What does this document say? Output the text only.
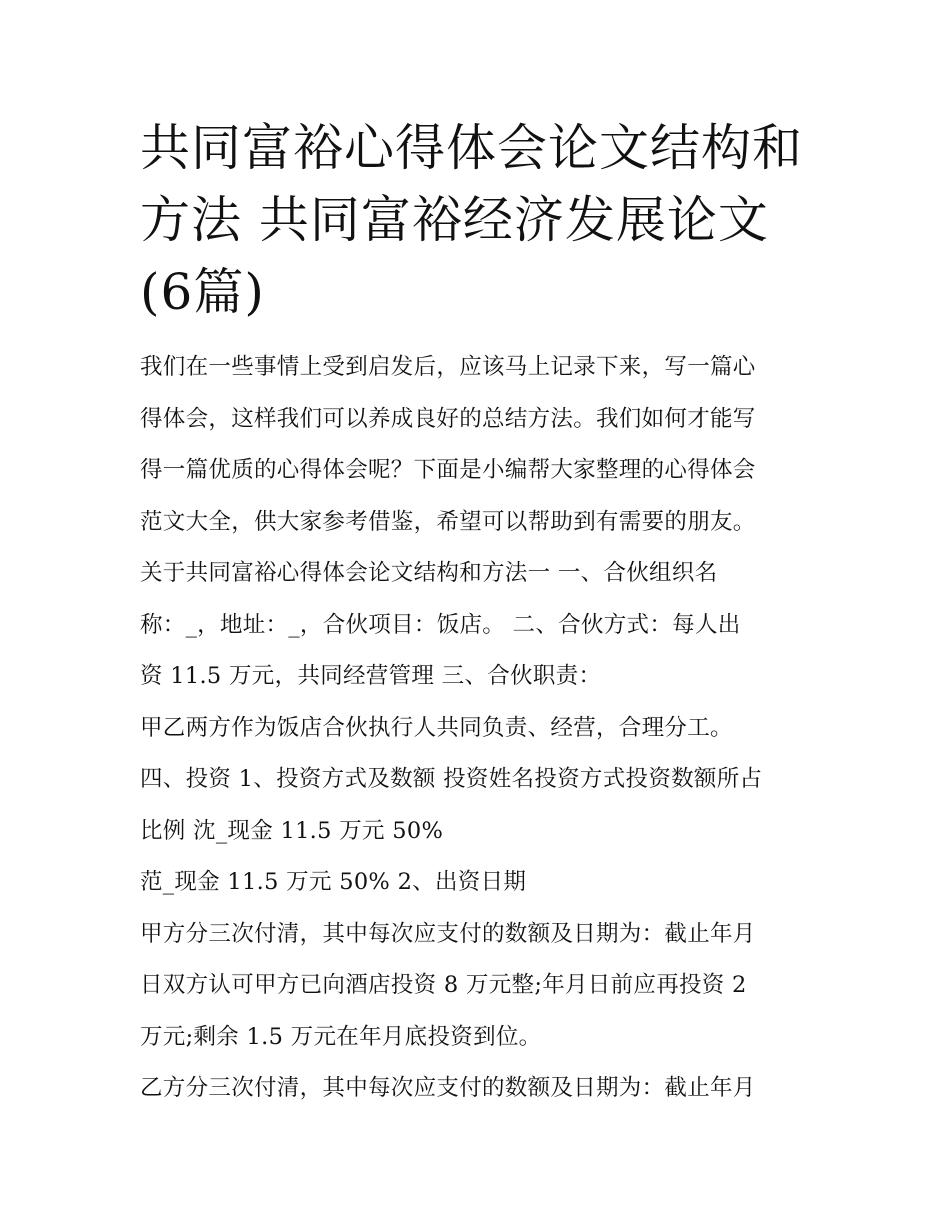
共同富裕心得体会论文结构和方法 共同富裕经济发展论文(6篇)
我们在一些事情上受到启发后，应该马上记录下来，写一篇心
得体会，这样我们可以养成良好的总结方法。我们如何才能写
得一篇优质的心得体会呢？下面是小编帮大家整理的心得体会
范文大全，供大家参考借鉴，希望可以帮助到有需要的朋友。
关于共同富裕心得体会论文结构和方法一 一、合伙组织名
称：_，地址：_，合伙项目：饭店。 二、合伙方式：每人出
资 11.5 万元，共同经营管理 三、合伙职责：
甲乙两方作为饭店合伙执行人共同负责、经营，合理分工。
四、投资 1、投资方式及数额 投资姓名投资方式投资数额所占
比例 沈_现金 11.5 万元 50%
范_现金 11.5 万元 50% 2、出资日期
甲方分三次付清，其中每次应支付的数额及日期为：截止年月
日双方认可甲方已向酒店投资 8 万元整;年月日前应再投资 2
万元;剩余 1.5 万元在年月底投资到位。
乙方分三次付清，其中每次应支付的数额及日期为：截止年月
